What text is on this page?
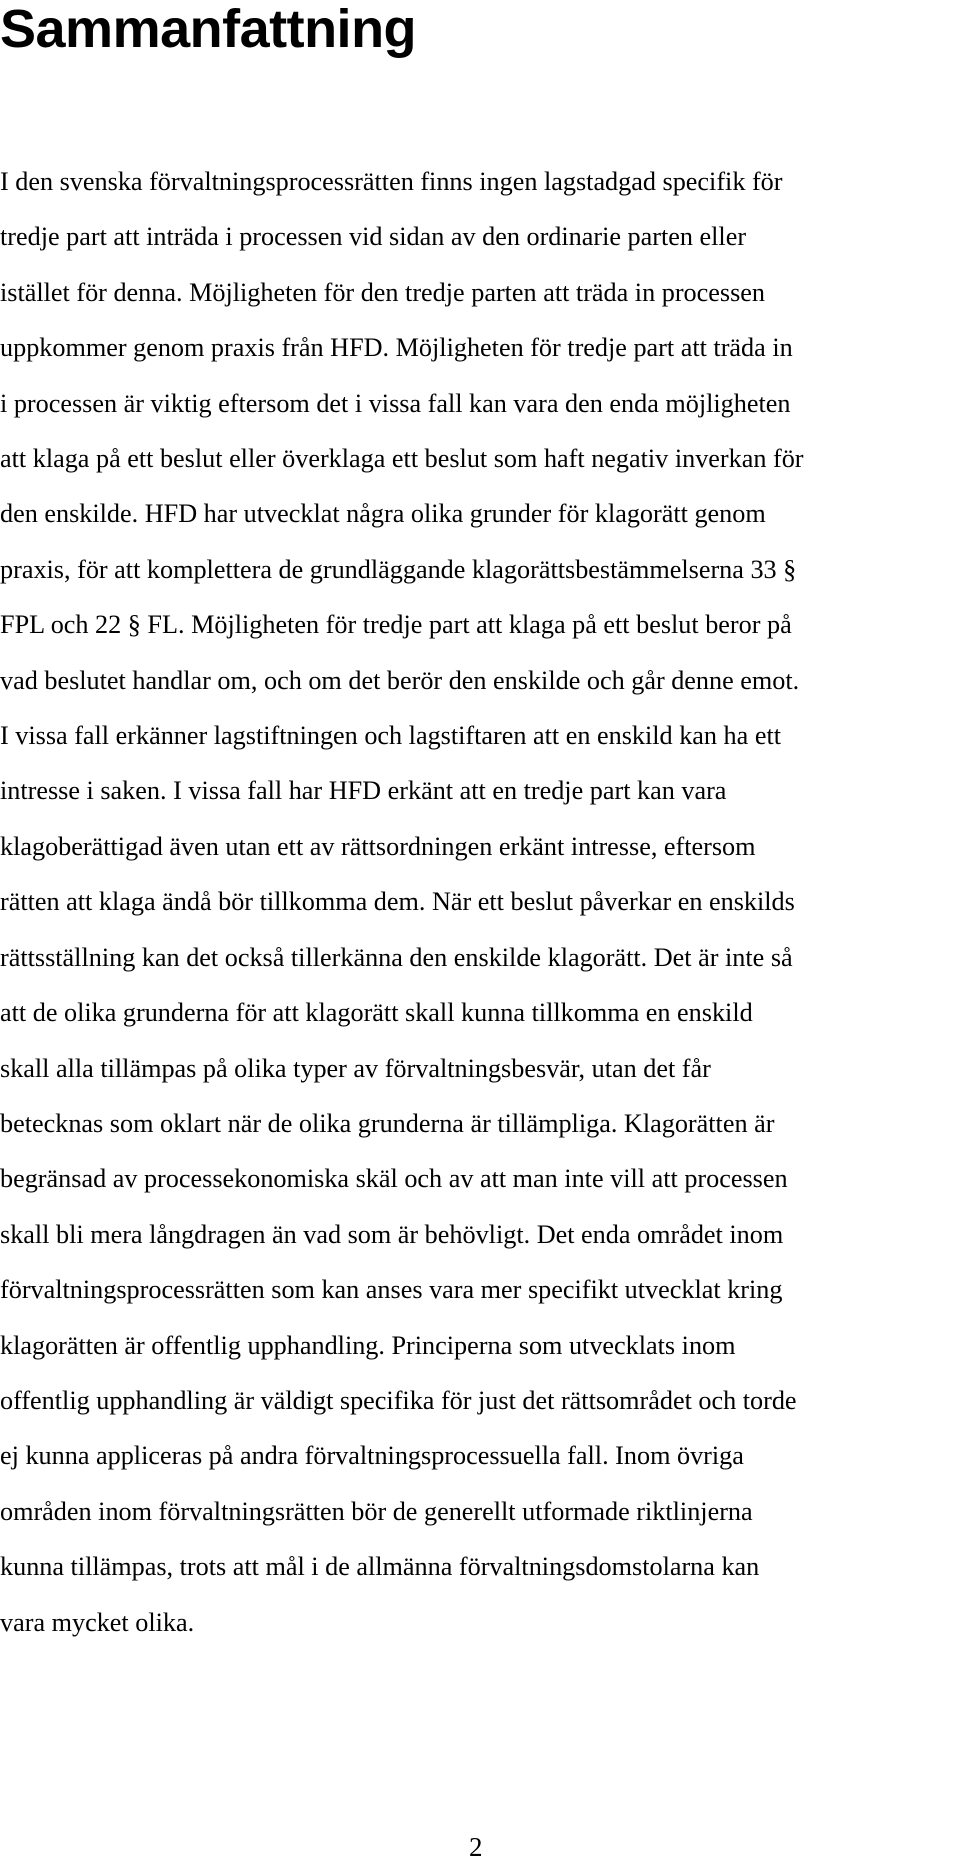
Sammanfattning

I den svenska förvaltningsprocessrätten finns ingen lagstadgad specifik för
tredje part att inträda i processen vid sidan av den ordinarie parten eller
istället för denna. Möjligheten för den tredje parten att träda in processen
uppkommer genom praxis från HFD. Möjligheten för tredje part att träda in
i processen är viktig eftersom det i vissa fall kan vara den enda möjligheten
att klaga på ett beslut eller överklaga ett beslut som haft negativ inverkan för
den enskilde. HFD har utvecklat några olika grunder för klagorätt genom
praxis, för att komplettera de grundläggande klagorättsbestämmelserna 33 §
FPL och 22 § FL. Möjligheten för tredje part att klaga på ett beslut beror på
vad beslutet handlar om, och om det berör den enskilde och går denne emot.
I vissa fall erkänner lagstiftningen och lagstiftaren att en enskild kan ha ett
intresse i saken. I vissa fall har HFD erkänt att en tredje part kan vara
klagoberättigad även utan ett av rättsordningen erkänt intresse, eftersom
rätten att klaga ändå bör tillkomma dem. När ett beslut påverkar en enskilds
rättsställning kan det också tillerkänna den enskilde klagorätt. Det är inte så
att de olika grunderna för att klagorätt skall kunna tillkomma en enskild
skall alla tillämpas på olika typer av förvaltningsbesvär, utan det får
betecknas som oklart när de olika grunderna är tillämpliga. Klagorätten är
begränsad av processekonomiska skäl och av att man inte vill att processen
skall bli mera långdragen än vad som är behövligt. Det enda området inom
förvaltningsprocessrätten som kan anses vara mer specifikt utvecklat kring
klagorätten är offentlig upphandling. Principerna som utvecklats inom
offentlig upphandling är väldigt specifika för just det rättsområdet och torde
ej kunna appliceras på andra förvaltningsprocessuella fall. Inom övriga
områden inom förvaltningsrätten bör de generellt utformade riktlinjerna
kunna tillämpas, trots att mål i de allmänna förvaltningsdomstolarna kan
vara mycket olika.

2
